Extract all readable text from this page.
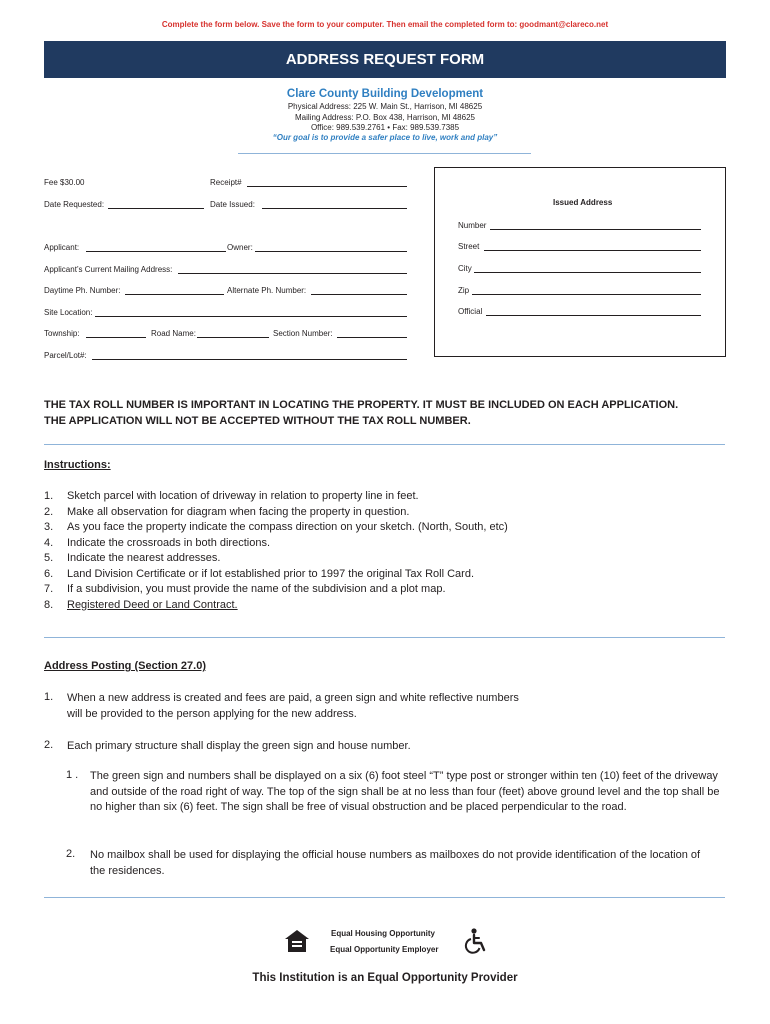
Complete the form below. Save the form to your computer. Then email the completed form to: goodmant@clareco.net
ADDRESS REQUEST FORM
Clare County Building Development
Physical Address: 225 W. Main St., Harrison, MI 48625
Mailing Address: P.O. Box 438, Harrison, MI 48625
Office: 989.539.2761 • Fax: 989.539.7385
“Our goal is to provide a safer place to live, work and play”
Fee $30.00	Receipt#
Date Requested:	Date Issued:
Applicant:	Owner:
Applicant’s Current Mailing Address:
Daytime Ph. Number:	Alternate Ph. Number:
Site Location:
Township:	Road Name:	Section Number:
Parcel/Lot#:
Issued Address
Number
Street
City
Zip
Official
THE TAX ROLL NUMBER IS IMPORTANT IN LOCATING THE PROPERTY. IT MUST BE INCLUDED ON EACH APPLICATION.
THE APPLICATION WILL NOT BE ACCEPTED WITHOUT THE TAX ROLL NUMBER.
Instructions:
1. Sketch parcel with location of driveway in relation to property line in feet.
2. Make all observation for diagram when facing the property in question.
3. As you face the property indicate the compass direction on your sketch. (North, South, etc)
4. Indicate the crossroads in both directions.
5. Indicate the nearest addresses.
6. Land Division Certificate or if lot established prior to 1997 the original Tax Roll Card.
7. If a subdivision, you must provide the name of the subdivision and a plot map.
8. Registered Deed or Land Contract.
Address Posting (Section 27.0)
1. When a new address is created and fees are paid, a green sign and white reflective numbers
will be provided to the person applying for the new address.
2. Each primary structure shall display the green sign and house number.
1 . The green sign and numbers shall be displayed on a six (6) foot steel “T” type post or stronger within ten (10) feet of the driveway and outside of the road right of way. The top of the sign shall be at no less than four (feet) above ground level and the top shall be no higher than six (6) feet. The sign shall be free of visual obstruction and be placed perpendicular to the road.
2. No mailbox shall be used for displaying the official house numbers as mailboxes do not provide identification of the location of the residences.
Equal Housing Opportunity
Equal Opportunity Employer
This Institution is an Equal Opportunity Provider
